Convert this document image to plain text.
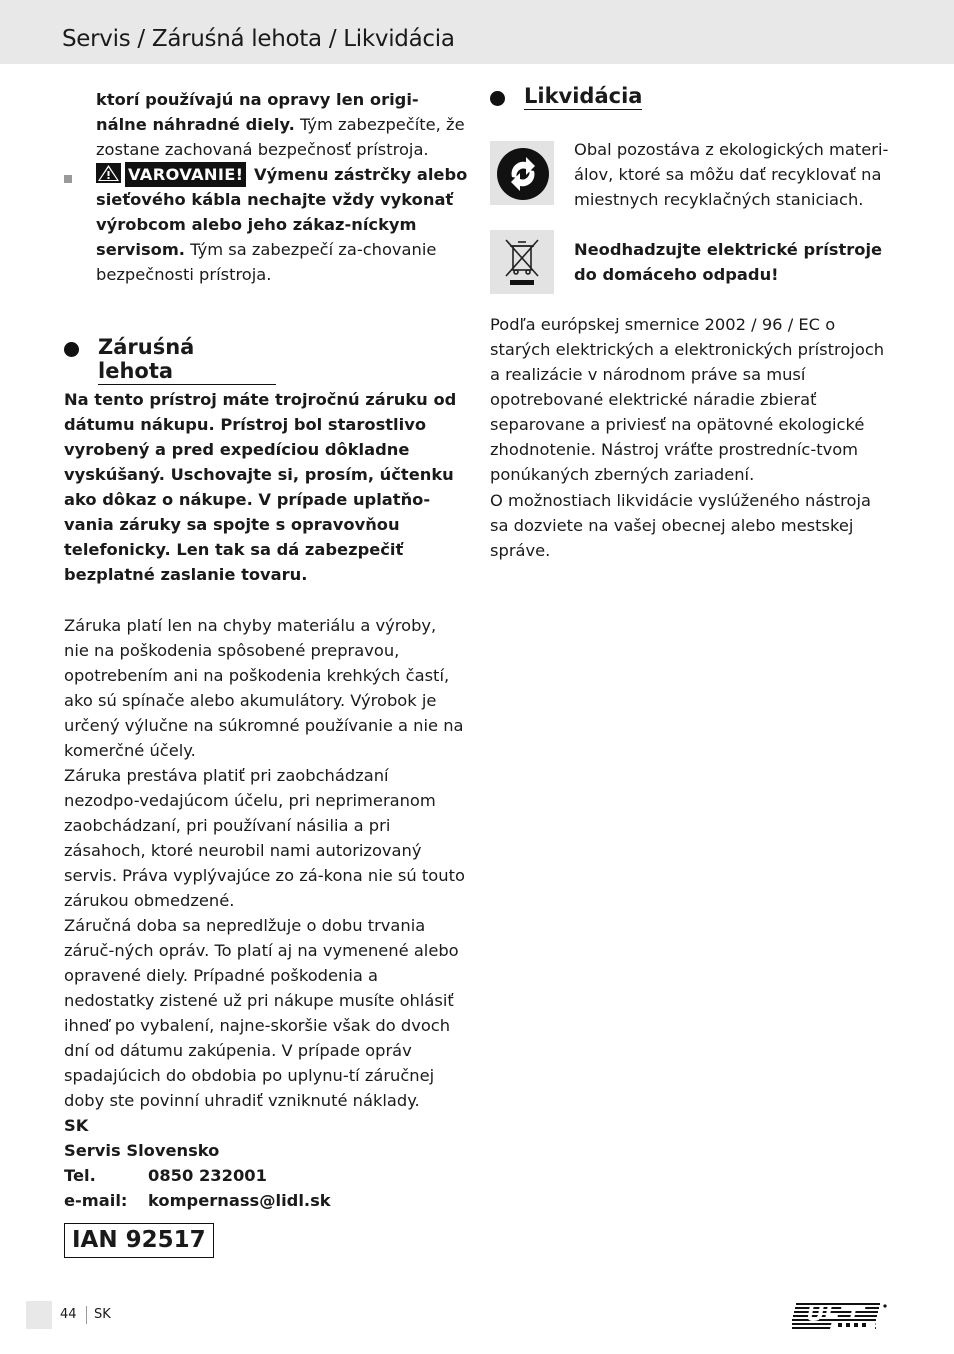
Servis / Záruśná lehota / Likvidácia

ktorí používajú na opravy len origi-nálne náhradné diely. Tým zabezpečíte, že zostane zachovaná bezpečnosť prístroja.

VAROVANIE! Výmenu zástrčky alebo sieťového kábla nechajte vždy vykonať výrobcom alebo jeho zákaz-níckym servisom. Tým sa zabezpečí za-chovanie bezpečnosti prístroja.

Záruśná lehota

Na tento prístroj máte trojročnú záruku od dátumu nákupu. Prístroj bol starostlivo vyrobený a pred expedíciou dôkladne vyskúšaný. Uschovajte si, prosím, účtenku ako dôkaz o nákupe. V prípade uplatňo-vania záruky sa spojte s opravovňou telefonicky. Len tak sa dá zabezpečiť bezplatné zaslanie tovaru.

Záruka platí len na chyby materiálu a výroby, nie na poškodenia spôsobené prepravou, opotrebením ani na poškodenia krehkých častí, ako sú spínače alebo akumulátory. Výrobok je určený výlučne na súkromné používanie a nie na komerčné účely.

Záruka prestáva platiť pri zaobchádzaní nezodpo-vedajúcom účelu, pri neprimeranom zaobchádzaní, pri používaní násilia a pri zásahoch, ktoré neurobil nami autorizovaný servis. Práva vyplývajúce zo zá-kona nie sú touto zárukou obmedzené.

Záručná doba sa nepredlžuje o dobu trvania záruč-ných opráv. To platí aj na vymenené alebo opravené diely. Prípadné poškodenia a nedostatky zistené už pri nákupe musíte ohlásiť ihneď po vybalení, najne-skoršie však do dvoch dní od dátumu zakúpenia. V prípade opráv spadajúcich do obdobia po uplynu-tí záručnej doby ste povinní uhradiť vzniknuté náklady.

SK
Servis Slovensko
Tel.	0850 232001
e-mail: kompernass@lidl.sk
IAN 92517
Likvidácia

Obal pozostáva z ekologických materi-álov, ktoré sa môžu dať recyklovať na miestnych recyklačných staniciach.

Neodhadzujte elektrické prístroje do domáceho odpadu!

Podľa európskej smernice 2002 / 96 / EC o starých elektrických a elektronických prístrojoch a realizácie v národnom práve sa musí opotrebované elektrické náradie zbierať separovane a priviesť na opätovné ekologické zhodnotenie. Nástroj vráťte prostredníc-tvom ponúkaných zberných zariadení.

O možnostiach likvidácie vyslúženého nástroja sa dozviete na vašej obecnej alebo mestskej správe.

44 SK
